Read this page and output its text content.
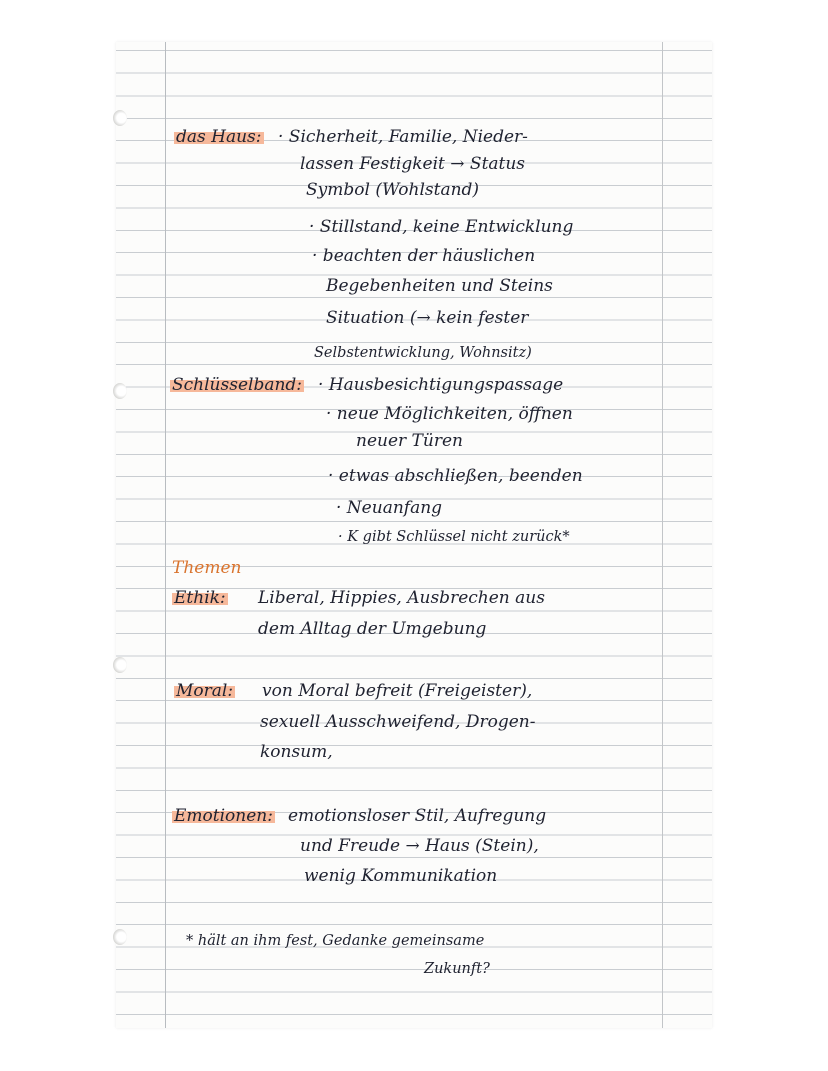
das Haus: · Sicherheit, Familie, Nieder-
lassen Festigkeit → Status
Symbol (Wohlstand)
· Stillstand, keine Entwicklung
· beachten der häuslichen
Begebenheiten und Steins
Situation (→ kein fester
Selbstentwicklung, Wohnsitz)
Schlüsselband: · Hausbesichtigungspassage
· neue Möglichkeiten, öffnen
neuer Türen
· etwas abschließen, beenden
· Neuanfang
· K gibt Schlüssel nicht zurück*
Themen
Ethik: Liberal, Hippies, Ausbrechen aus
dem Alltag der Umgebung
Moral: von Moral befreit (Freigeister),
sexuell Ausschweifend, Drogen-
konsum,
Emotionen: emotionsloser Stil, Aufregung
und Freude → Haus (Stein),
wenig Kommunikation
* hält an ihm fest, Gedanke gemeinsame
Zukunft?
